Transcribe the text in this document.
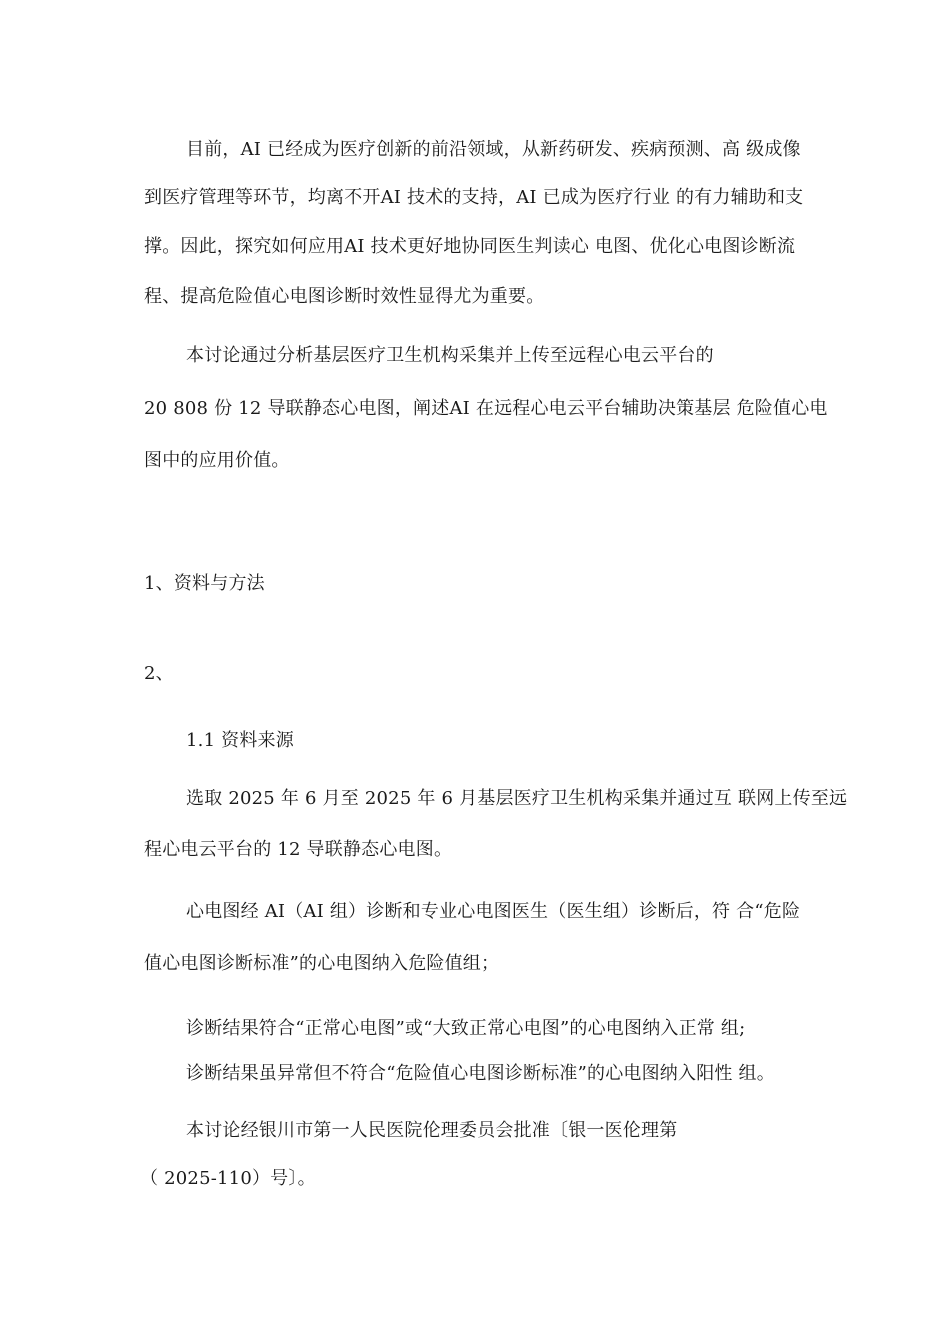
目前，AI 已经成为医疗创新的前沿领域，从新药研发、疾病预测、高 级成像
到医疗管理等环节，均离不开AI 技术的支持，AI 已成为医疗行业 的有力辅助和支
撑。因此，探究如何应用AI 技术更好地协同医生判读心 电图、优化心电图诊断流
程、提高危险值心电图诊断时效性显得尤为重要。
本讨论通过分析基层医疗卫生机构采集并上传至远程心电云平台的
20 808 份 12 导联静态心电图，阐述AI 在远程心电云平台辅助决策基层 危险值心电
图中的应用价值。
1、资料与方法
2、
1.1 资料来源
选取 2025 年 6 月至 2025 年 6 月基层医疗卫生机构采集并通过互 联网上传至远
程心电云平台的 12 导联静态心电图。
心电图经 AI（AI 组）诊断和专业心电图医生（医生组）诊断后，符 合“危险
值心电图诊断标准”的心电图纳入危险值组；
诊断结果符合“正常心电图”或“大致正常心电图”的心电图纳入正常 组;
诊断结果虽异常但不符合“危险值心电图诊断标准”的心电图纳入阳性 组。
本讨论经银川市第一人民医院伦理委员会批准〔银一医伦理第
（ 2025-110）号〕。
